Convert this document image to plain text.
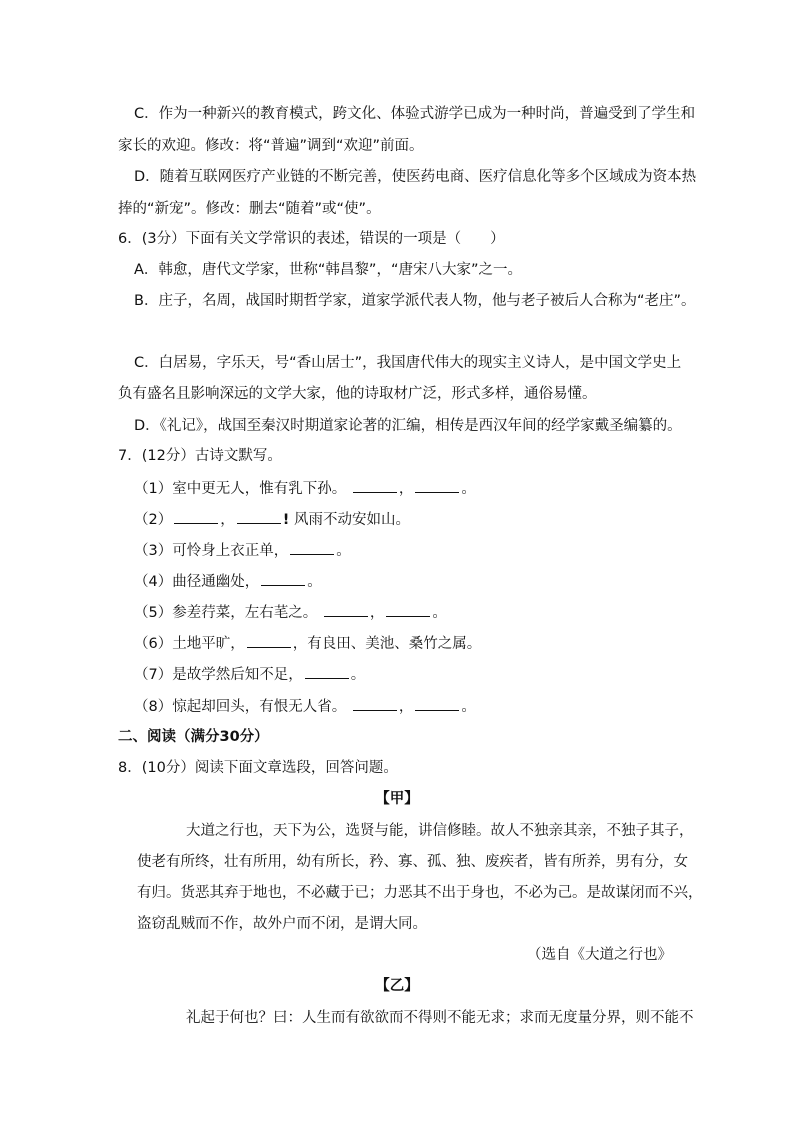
C．作为一种新兴的教育模式，跨文化、体验式游学已成为一种时尚，普遍受到了学生和
家长的欢迎。修改：将“普遍”调到“欢迎”前面。
D．随着互联网医疗产业链的不断完善，使医药电商、医疗信息化等多个区域成为资本热
捧的“新宠”。修改：删去“随着”或“使”。
6．(3分）下面有关文学常识的表述，错误的一项是（　　）
A．韩愈，唐代文学家，世称“韩昌黎”，“唐宋八大家”之一。
B．庄子，名周，战国时期哲学家，道家学派代表人物，他与老子被后人合称为“老庄”。
C．白居易，字乐天，号“香山居士”，我国唐代伟大的现实主义诗人，是中国文学史上
负有盛名且影响深远的文学大家，他的诗取材广泛，形式多样，通俗易懂。
D．《礼记》，战国至秦汉时期道家论著的汇编，相传是西汉年间的经学家戴圣编纂的。
7．(12分）古诗文默写。
（1）室中更无人，惟有乳下孙。	，	。
（2）	，	! 风雨不动安如山。
（3）可怜身上衣正单，	。
（4）曲径通幽处，	。
（5）参差荇菜，左右芼之。	，	。
（6）土地平旷，	，有良田、美池、桑竹之属。
（7）是故学然后知不足，	。
（8）惊起却回头，有恨无人省。	，	。
二、阅读（满分30分）
8．(10分）阅读下面文章选段，回答问题。
【甲】
大道之行也，天下为公，选贤与能，讲信修睦。故人不独亲其亲，不独子其子，
使老有所终，壮有所用，幼有所长，矜、寡、孤、独、废疾者，皆有所养，男有分，女
有归。货恶其弃于地也，不必藏于已；力恶其不出于身也，不必为己。是故谋闭而不兴，
盗窃乱贼而不作，故外户而不闭，是谓大同。
（选自《大道之行也》
【乙】
礼起于何也？曰：人生而有欲欲而不得则不能无求；求而无度量分界，则不能不
